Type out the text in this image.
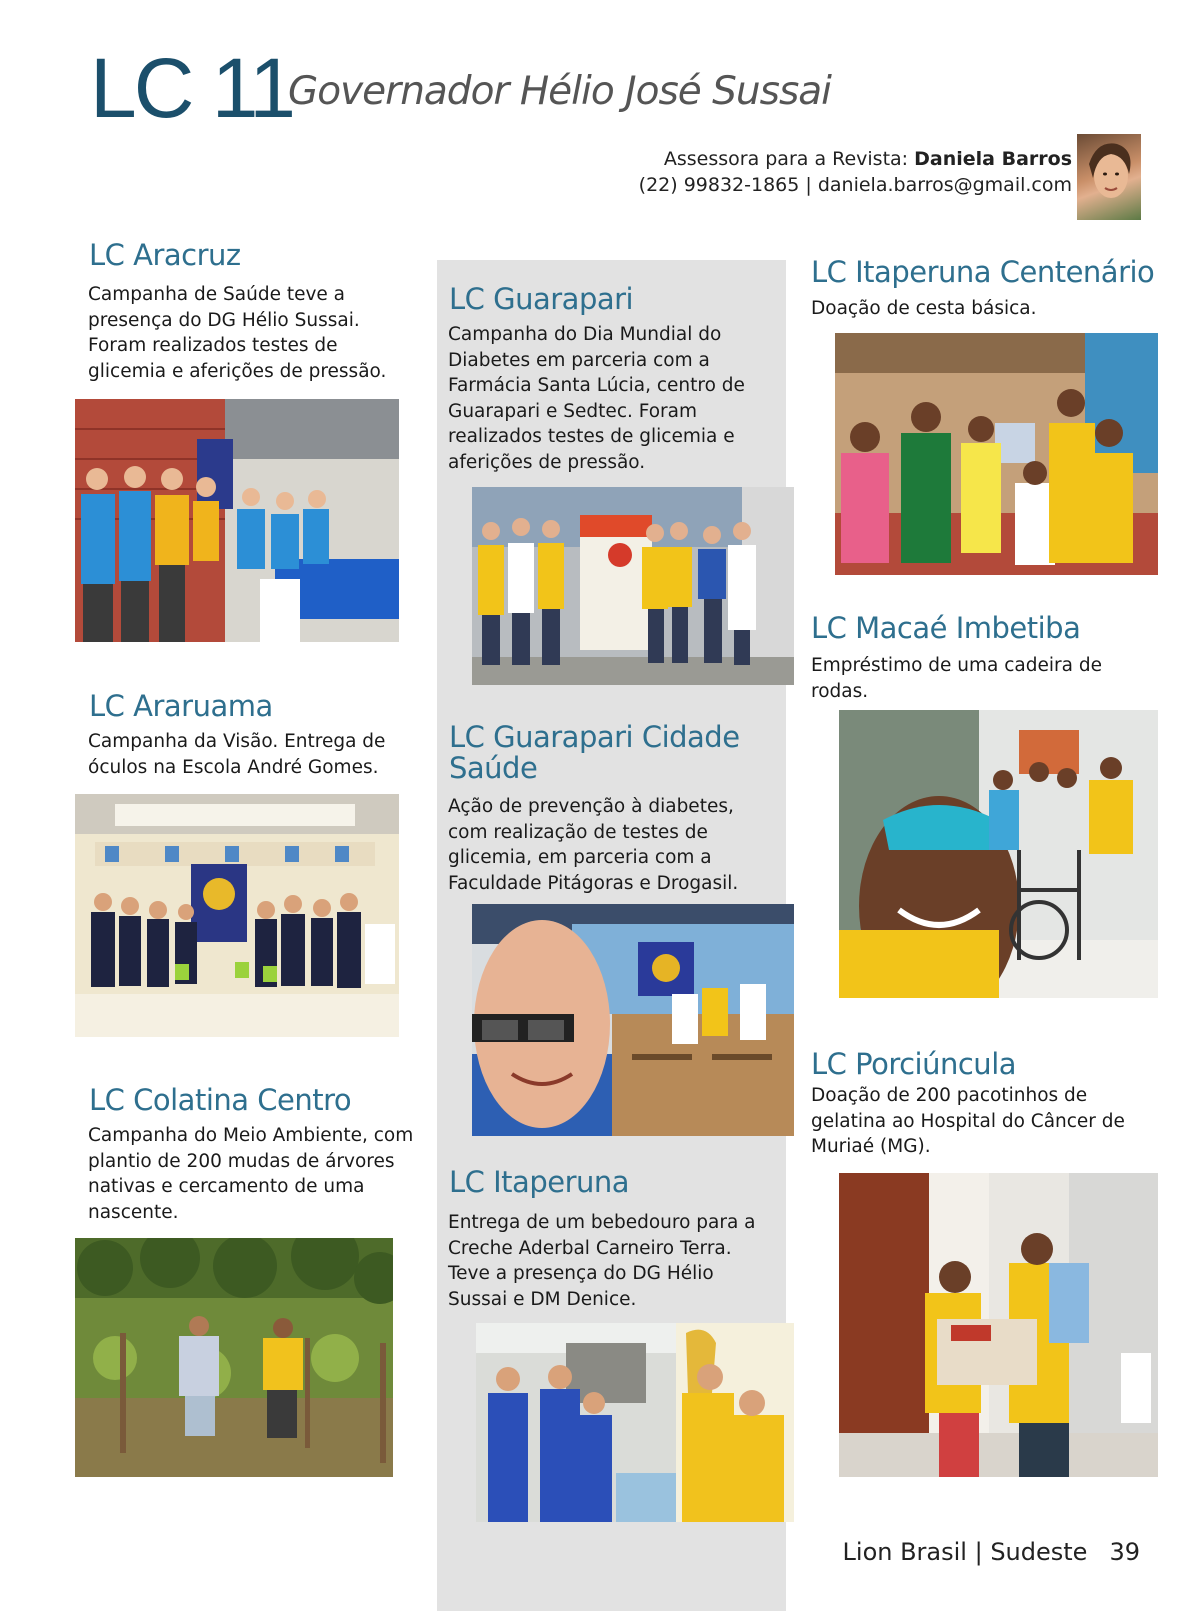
LC 11
Governador Hélio José Sussai
Assessora para a Revista: Daniela Barros
(22) 99832-1865 | daniela.barros@gmail.com
LC Aracruz

Campanha de Saúde teve a presença do DG Hélio Sussai. Foram realizados testes de glicemia e aferições de pressão.

LC Araruama

Campanha da Visão. Entrega de óculos na Escola André Gomes.

LC Colatina Centro

Campanha do Meio Ambiente, com plantio de 200 mudas de árvores nativas e cercamento de uma nascente.

LC Guarapari

Campanha do Dia Mundial do Diabetes em parceria com a Farmácia Santa Lúcia, centro de Guarapari e Sedtec. Foram realizados testes de glicemia e aferições de pressão.

LC Guarapari Cidade Saúde

Ação de prevenção à diabetes, com realização de testes de glicemia, em parceria com a Faculdade Pitágoras e Drogasil.

LC Itaperuna

Entrega de um bebedouro para a Creche Aderbal Carneiro Terra. Teve a presença do DG Hélio Sussai e DM Denice.

LC Itaperuna Centenário

Doação de cesta básica.

LC Macaé Imbetiba

Empréstimo de uma cadeira de rodas.

LC Porciúncula

Doação de 200 pacotinhos de gelatina ao Hospital do Câncer de Muriaé (MG).

Lion Brasil | Sudeste 39
